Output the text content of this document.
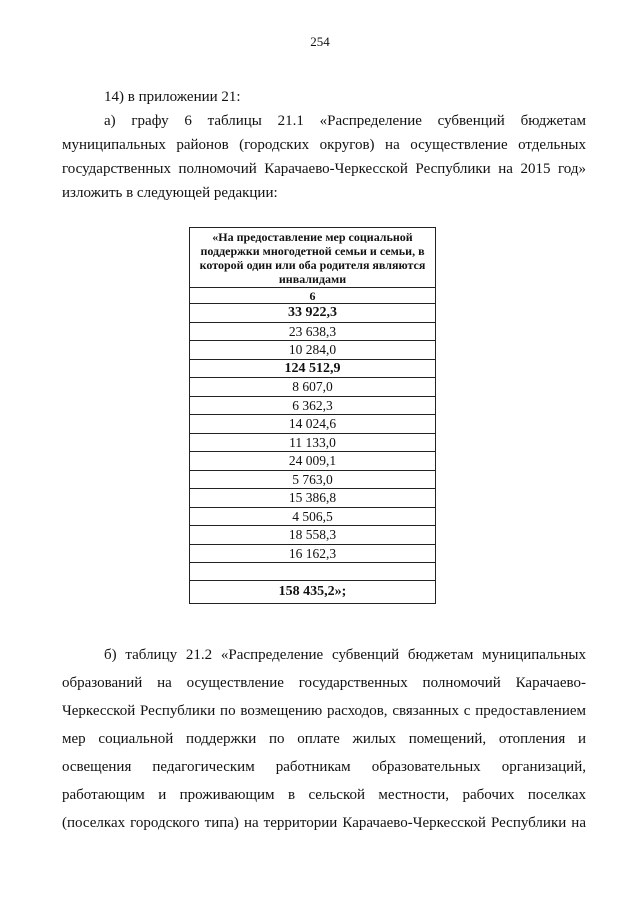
254

14) в приложении 21:

а) графу 6 таблицы 21.1 «Распределение субвенций бюджетам
муниципальных районов (городских округов) на осуществление отдельных
государственных полномочий Карачаево-Черкесской Республики на 2015 год»
изложить в следующей редакции:
«На предоставление мер социальной поддержки многодетной семьи и семьи, в которой один или оба родителя являются инвалидами
6
33 922,3
23 638,3
10 284,0
124 512,9
8 607,0
6 362,3
14 024,6
11 133,0
24 009,1
5 763,0
15 386,8
4 506,5
18 558,3
16 162,3

158 435,2»;
б) таблицу 21.2 «Распределение субвенций бюджетам муниципальных
образований на осуществление государственных полномочий Карачаево-
Черкесской Республики по возмещению расходов, связанных с предоставлением
мер социальной поддержки по оплате жилых помещений, отопления и
освещения педагогическим работникам образовательных организаций,
работающим и проживающим в сельской местности, рабочих поселках
(поселках городского типа) на территории Карачаево-Черкесской Республики на
